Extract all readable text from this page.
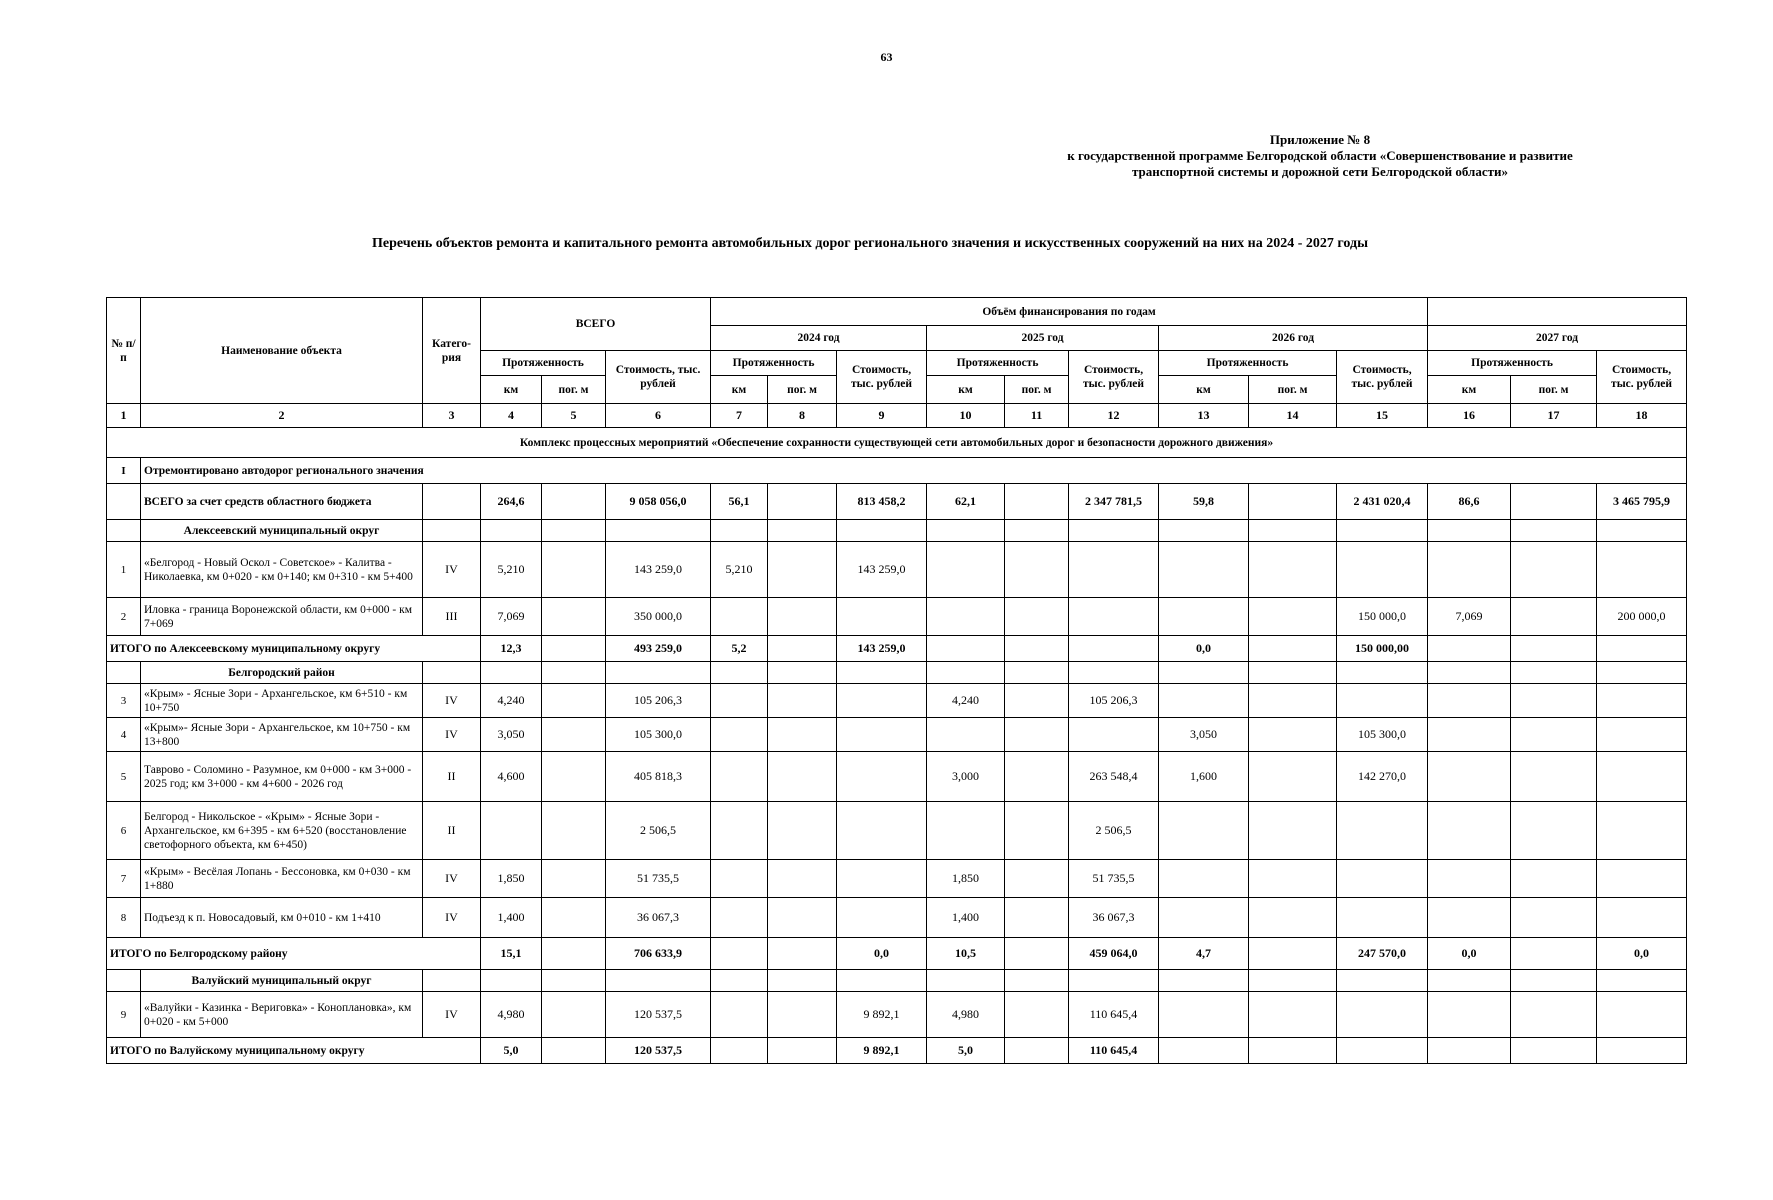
63
Приложение № 8
к государственной программе Белгородской области «Совершенствование и развитие
транспортной системы и дорожной сети Белгородской области»
Перечень объектов ремонта и капитального ремонта автомобильных дорог регионального значения и искусственных сооружений на них на 2024 - 2027 годы
№ п/п	Наименование объекта	Катего-рия	ВСЕГО			Объём финансирования по годам											
						2024 год			2025 год			2026 год			2027 год		
			Протяженность		Стоимость, тыс. рублей	Протяженность		Стоимость, тыс. рублей	Протяженность		Стоимость, тыс. рублей	Протяженность		Стоимость, тыс. рублей	Протяженность		Стоимость, тыс. рублей
			км	пог. м		км	пог. м		км	пог. м		км	пог. м		км	пог. м	
1	2	3	4	5	6	7	8	9	10	11	12	13	14	15	16	17	18
Комплекс процессных мероприятий «Обеспечение сохранности существующей сети автомобильных дорог и безопасности дорожного движения»																	
I	Отремонтировано автодорог регионального значения																
	ВСЕГО за счет средств областного бюджета		264,6		9 058 056,0	56,1		813 458,2	62,1		2 347 781,5	59,8		2 431 020,4	86,6		3 465 795,9
	Алексеевский муниципальный округ																
1	«Белгород - Новый Оскол - Советское» - Калитва - Николаевка, км 0+020 - км 0+140; км 0+310 - км 5+400	IV	5,210		143 259,0	5,210		143 259,0									
2	Иловка - граница Воронежской области, км 0+000 - км 7+069	III	7,069		350 000,0									150 000,0	7,069		200 000,0
ИТОГО по Алексеевскому муниципальному округу			12,3		493 259,0	5,2		143 259,0				0,0		150 000,00			
	Белгородский район																
3	«Крым» - Ясные Зори - Архангельское, км 6+510 - км 10+750	IV	4,240		105 206,3				4,240		105 206,3						
4	«Крым»- Ясные Зори - Архангельское, км 10+750 - км 13+800	IV	3,050		105 300,0							3,050		105 300,0			
5	Таврово - Соломино - Разумное, км 0+000 - км 3+000 - 2025 год; км 3+000 - км 4+600 - 2026 год	II	4,600		405 818,3				3,000		263 548,4	1,600		142 270,0			
6	Белгород - Никольское - «Крым» - Ясные Зори - Архангельское, км 6+395 - км 6+520 (восстановление светофорного объекта, км 6+450)	II			2 506,5						2 506,5						
7	«Крым» - Весёлая Лопань - Бессоновка, км 0+030 - км 1+880	IV	1,850		51 735,5				1,850		51 735,5						
8	Подъезд к п. Новосадовый, км 0+010 - км 1+410	IV	1,400		36 067,3				1,400		36 067,3						
ИТОГО по Белгородскому району			15,1		706 633,9			0,0	10,5		459 064,0	4,7		247 570,0	0,0		0,0
	Валуйский муниципальный округ																
9	«Валуйки - Казинка - Вериговка» - Коноплановка», км 0+020 - км 5+000	IV	4,980		120 537,5			9 892,1	4,980		110 645,4						
ИТОГО по Валуйскому муниципальному округу			5,0		120 537,5			9 892,1	5,0		110 645,4						
